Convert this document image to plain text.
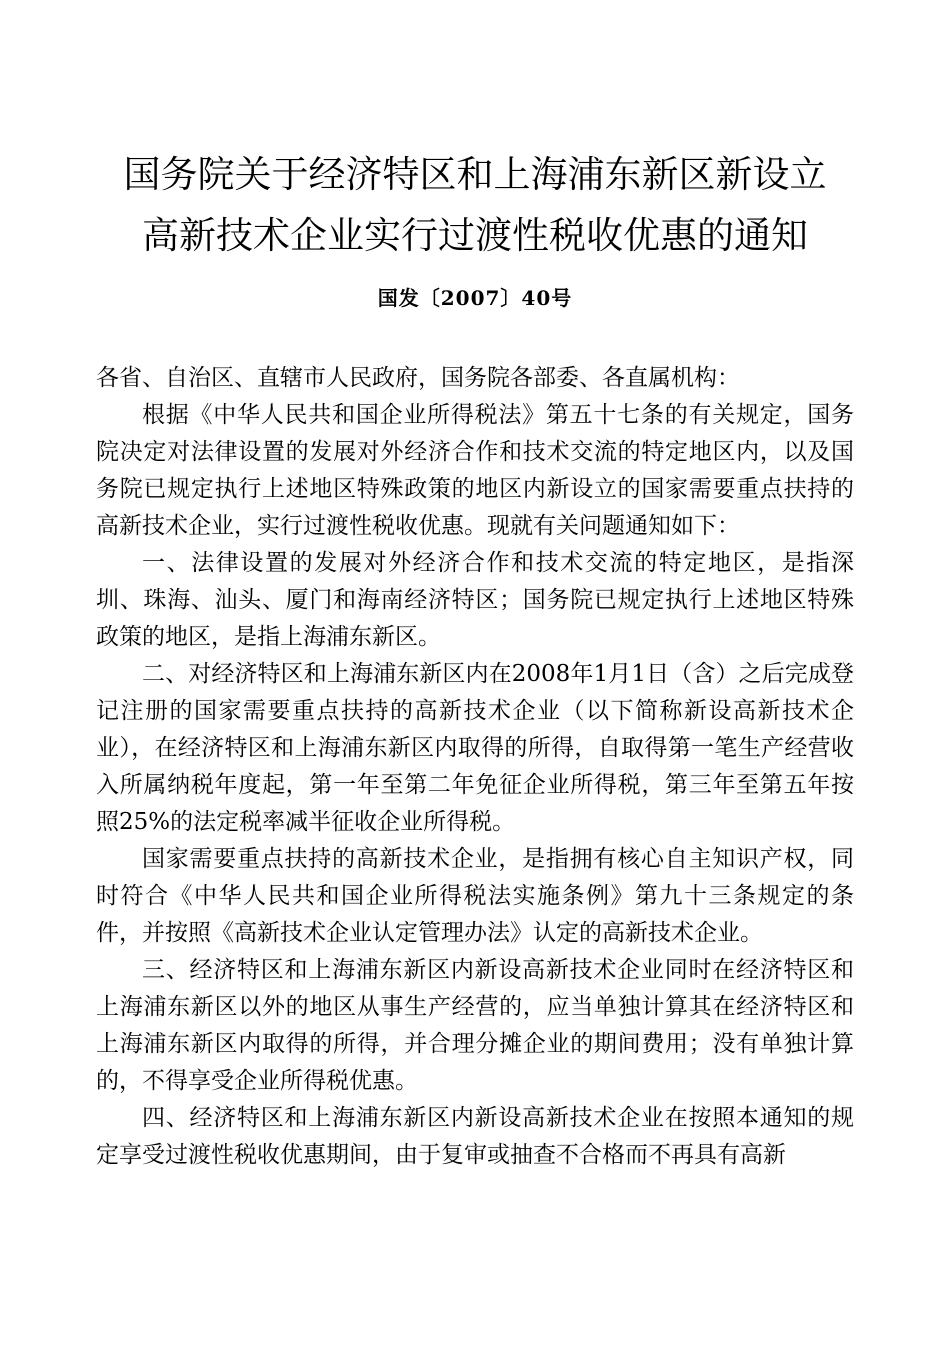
国务院关于经济特区和上海浦东新区新设立
高新技术企业实行过渡性税收优惠的通知
国发〔2007〕40号

各省、自治区、直辖市人民政府，国务院各部委、各直属机构：

根据《中华人民共和国企业所得税法》第五十七条的有关规定，国务院决定对法律设置的发展对外经济合作和技术交流的特定地区内，以及国务院已规定执行上述地区特殊政策的地区内新设立的国家需要重点扶持的高新技术企业，实行过渡性税收优惠。现就有关问题通知如下：

一、法律设置的发展对外经济合作和技术交流的特定地区，是指深圳、珠海、汕头、厦门和海南经济特区；国务院已规定执行上述地区特殊政策的地区，是指上海浦东新区。

二、对经济特区和上海浦东新区内在2008年1月1日（含）之后完成登记注册的国家需要重点扶持的高新技术企业（以下简称新设高新技术企业），在经济特区和上海浦东新区内取得的所得，自取得第一笔生产经营收入所属纳税年度起，第一年至第二年免征企业所得税，第三年至第五年按照25%的法定税率减半征收企业所得税。

国家需要重点扶持的高新技术企业，是指拥有核心自主知识产权，同时符合《中华人民共和国企业所得税法实施条例》第九十三条规定的条件，并按照《高新技术企业认定管理办法》认定的高新技术企业。

三、经济特区和上海浦东新区内新设高新技术企业同时在经济特区和上海浦东新区以外的地区从事生产经营的，应当单独计算其在经济特区和上海浦东新区内取得的所得，并合理分摊企业的期间费用；没有单独计算的，不得享受企业所得税优惠。

四、经济特区和上海浦东新区内新设高新技术企业在按照本通知的规定享受过渡性税收优惠期间，由于复审或抽查不合格而不再具有高新
